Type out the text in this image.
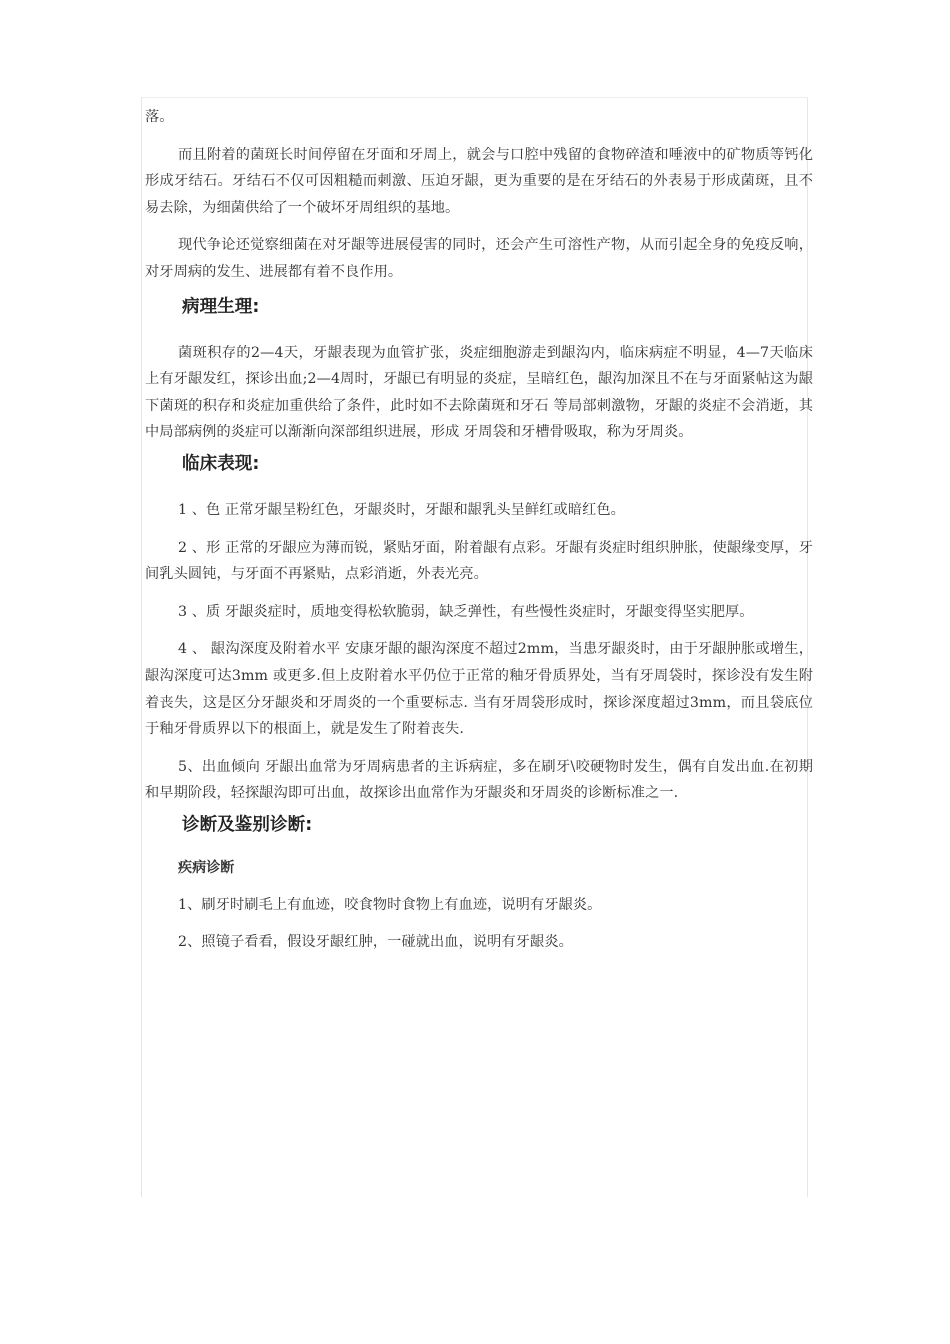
落。

而且附着的菌斑长时间停留在牙面和牙周上，就会与口腔中残留的食物碎渣和唾液中的矿物质等钙化形成牙结石。牙结石不仅可因粗糙而刺激、压迫牙龈，更为重要的是在牙结石的外表易于形成菌斑，且不易去除，为细菌供给了一个破坏牙周组织的基地。

现代争论还觉察细菌在对牙龈等进展侵害的同时，还会产生可溶性产物，从而引起全身的免疫反响，对牙周病的发生、进展都有着不良作用。

病理生理:

菌斑积存的2—4天，牙龈表现为血管扩张，炎症细胞游走到龈沟内，临床病症不明显，4—7天临床上有牙龈发红，探诊出血;2—4周时，牙龈已有明显的炎症，呈暗红色，龈沟加深且不在与牙面紧帖这为龈下菌斑的积存和炎症加重供给了条件，此时如不去除菌斑和牙石 等局部刺激物，牙龈的炎症不会消逝，其中局部病例的炎症可以渐渐向深部组织进展，形成 牙周袋和牙槽骨吸取，称为牙周炎。

临床表现:

1 、色 正常牙龈呈粉红色，牙龈炎时，牙龈和龈乳头呈鲜红或暗红色。

2 、形 正常的牙龈应为薄而锐，紧贴牙面，附着龈有点彩。牙龈有炎症时组织肿胀，使龈缘变厚，牙间乳头圆钝，与牙面不再紧贴，点彩消逝，外表光亮。

3 、质 牙龈炎症时，质地变得松软脆弱，缺乏弹性，有些慢性炎症时，牙龈变得坚实肥厚。

4 、 龈沟深度及附着水平 安康牙龈的龈沟深度不超过2mm，当患牙龈炎时，由于牙龈肿胀或增生，龈沟深度可达3mm 或更多.但上皮附着水平仍位于正常的釉牙骨质界处，当有牙周袋时，探诊没有发生附着丧失，这是区分牙龈炎和牙周炎的一个重要标志. 当有牙周袋形成时，探诊深度超过3mm，而且袋底位于釉牙骨质界以下的根面上，就是发生了附着丧失.

5、出血倾向 牙龈出血常为牙周病患者的主诉病症，多在刷牙\咬硬物时发生，偶有自发出血.在初期和早期阶段，轻探龈沟即可出血，故探诊出血常作为牙龈炎和牙周炎的诊断标准之一.

诊断及鉴别诊断:
疾病诊断

1、刷牙时刷毛上有血迹，咬食物时食物上有血迹，说明有牙龈炎。

2、照镜子看看，假设牙龈红肿，一碰就出血，说明有牙龈炎。
